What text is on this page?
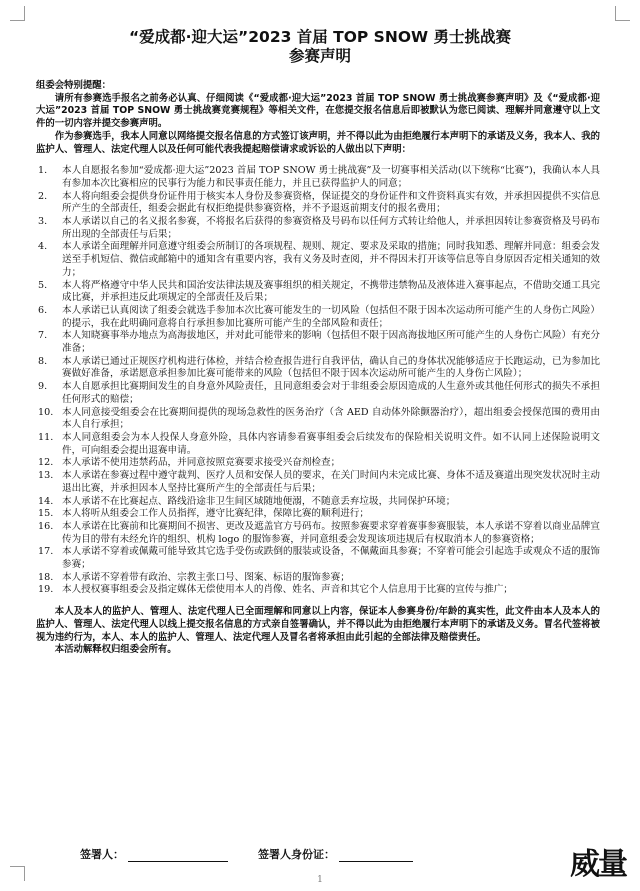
“爱成都·迎大运”2023 首届 TOP SNOW 勇士挑战赛
参赛声明

组委会特别提醒：

请所有参赛选手报名之前务必认真、仔细阅读《“爱成都·迎大运”2023 首届 TOP SNOW 勇士挑战赛参赛声明》及《“爱成都·迎大运”2023 首届 TOP SNOW 勇士挑战赛竞赛规程》等相关文件，在您提交报名信息后即被默认为您已阅读、理解并同意遵守以上文件的一切内容并提交参赛声明。

作为参赛选手，我本人同意以网络提交报名信息的方式签订该声明，并不得以此为由拒绝履行本声明下的承诺及义务，我本人、我的监护人、管理人、法定代理人以及任何可能代表我提起赔偿请求或诉讼的人做出以下声明：

1.	本人自愿报名参加“爱成都·迎大运”2023 首届 TOP SNOW 勇士挑战赛”及一切赛事相关活动(以下统称“比赛”)，我确认本人具有参加本次比赛相应的民事行为能力和民事责任能力，并且已获得监护人的同意；
2.	本人将向组委会提供身份证件用于核实本人身份及参赛资格，保证提交的身份证件和文件资料真实有效，并承担因提供不实信息所产生的全部责任，组委会据此有权拒绝提供参赛资格，并不予退返前期支付的报名费用；
3.	本人承诺以自己的名义报名参赛，不将报名后获得的参赛资格及号码布以任何方式转让给他人，并承担因转让参赛资格及号码布所出现的全部责任与后果；
4.	本人承诺全面理解并同意遵守组委会所制订的各项规程、规则、规定、要求及采取的措施；同时我知悉、理解并同意：组委会发送至手机短信、微信或邮箱中的通知含有重要内容，我有义务及时查阅，并不得因未打开该等信息等自身原因否定相关通知的效力；
5.	本人将严格遵守中华人民共和国治安法律法规及赛事组织的相关规定，不携带违禁物品及液体进入赛事起点，不借助交通工具完成比赛，并承担违反此项规定的全部责任及后果；
6.	本人承诺已认真阅读了组委会就选手参加本次比赛可能发生的一切风险（包括但不限于因本次运动所可能产生的人身伤亡风险）的提示，我在此明确同意将自行承担参加比赛所可能产生的全部风险和责任；
7.	本人知晓赛事举办地点为高海拔地区，并对此可能带来的影响（包括但不限于因高海拔地区所可能产生的人身伤亡风险）有充分准备；
8.	本人承诺已通过正规医疗机构进行体检，并结合检查报告进行自我评估，确认自己的身体状况能够适应于长跑运动，已为参加比赛做好准备，承诺愿意承担参加比赛可能带来的风险（包括但不限于因本次运动所可能产生的人身伤亡风险）；
9.	本人自愿承担比赛期间发生的自身意外风险责任，且同意组委会对于非组委会原因造成的人生意外或其他任何形式的损失不承担任何形式的赔偿；
10. 本人同意接受组委会在比赛期间提供的现场急救性的医务治疗（含 AED 自动体外除颤器治疗），超出组委会授保范围的费用由本人自行承担；
11. 本人同意组委会为本人投保人身意外险，具体内容请参看赛事组委会后续发布的保险相关说明文件。如不认同上述保险说明文件，可向组委会提出退赛申请。
12. 本人承诺不使用违禁药品，并同意按照竞赛要求接受兴奋剂检查；
13. 本人承诺在参赛过程中遵守裁判、医疗人员和安保人员的要求，在关门时间内未完成比赛、身体不适及赛道出现突发状况时主动退出比赛，并承担因本人坚持比赛所产生的全部责任与后果；
14. 本人承诺不在比赛起点、路线沿途非卫生间区域随地便溺，不随意丢弃垃圾，共同保护环境；
15. 本人将听从组委会工作人员指挥，遵守比赛纪律，保障比赛的顺利进行；
16. 本人承诺在比赛前和比赛期间不损害、更改及遮盖官方号码布。按照参赛要求穿着赛事参赛服装，本人承诺不穿着以商业品牌宣传为目的带有未经允许的组织、机构 logo 的服饰参赛，并同意组委会发现该项违规后有权取消本人的参赛资格；
17. 本人承诺不穿着或佩戴可能导致其它选手受伤或跌倒的服装或设备，不佩戴面具参赛；不穿着可能会引起选手或观众不适的服饰参赛；
18. 本人承诺不穿着带有政治、宗教主张口号、图案、标语的服饰参赛；
19. 本人授权赛事组委会及指定媒体无偿使用本人的肖像、姓名、声音和其它个人信息用于比赛的宣传与推广；

本人及本人的监护人、管理人、法定代理人已全面理解和同意以上内容，保证本人参赛身份/年龄的真实性，此文件由本人及本人的监护人、管理人、法定代理人以线上提交报名信息的方式亲自签署确认，并不得以此为由拒绝履行本声明下的承诺及义务。冒名代签将被视为违约行为，本人、本人的监护人、管理人、法定代理人及冒名者将承担由此引起的全部法律及赔偿责任。

本活动解释权归组委会所有。

签署人：	签署人身份证：
1	威量
